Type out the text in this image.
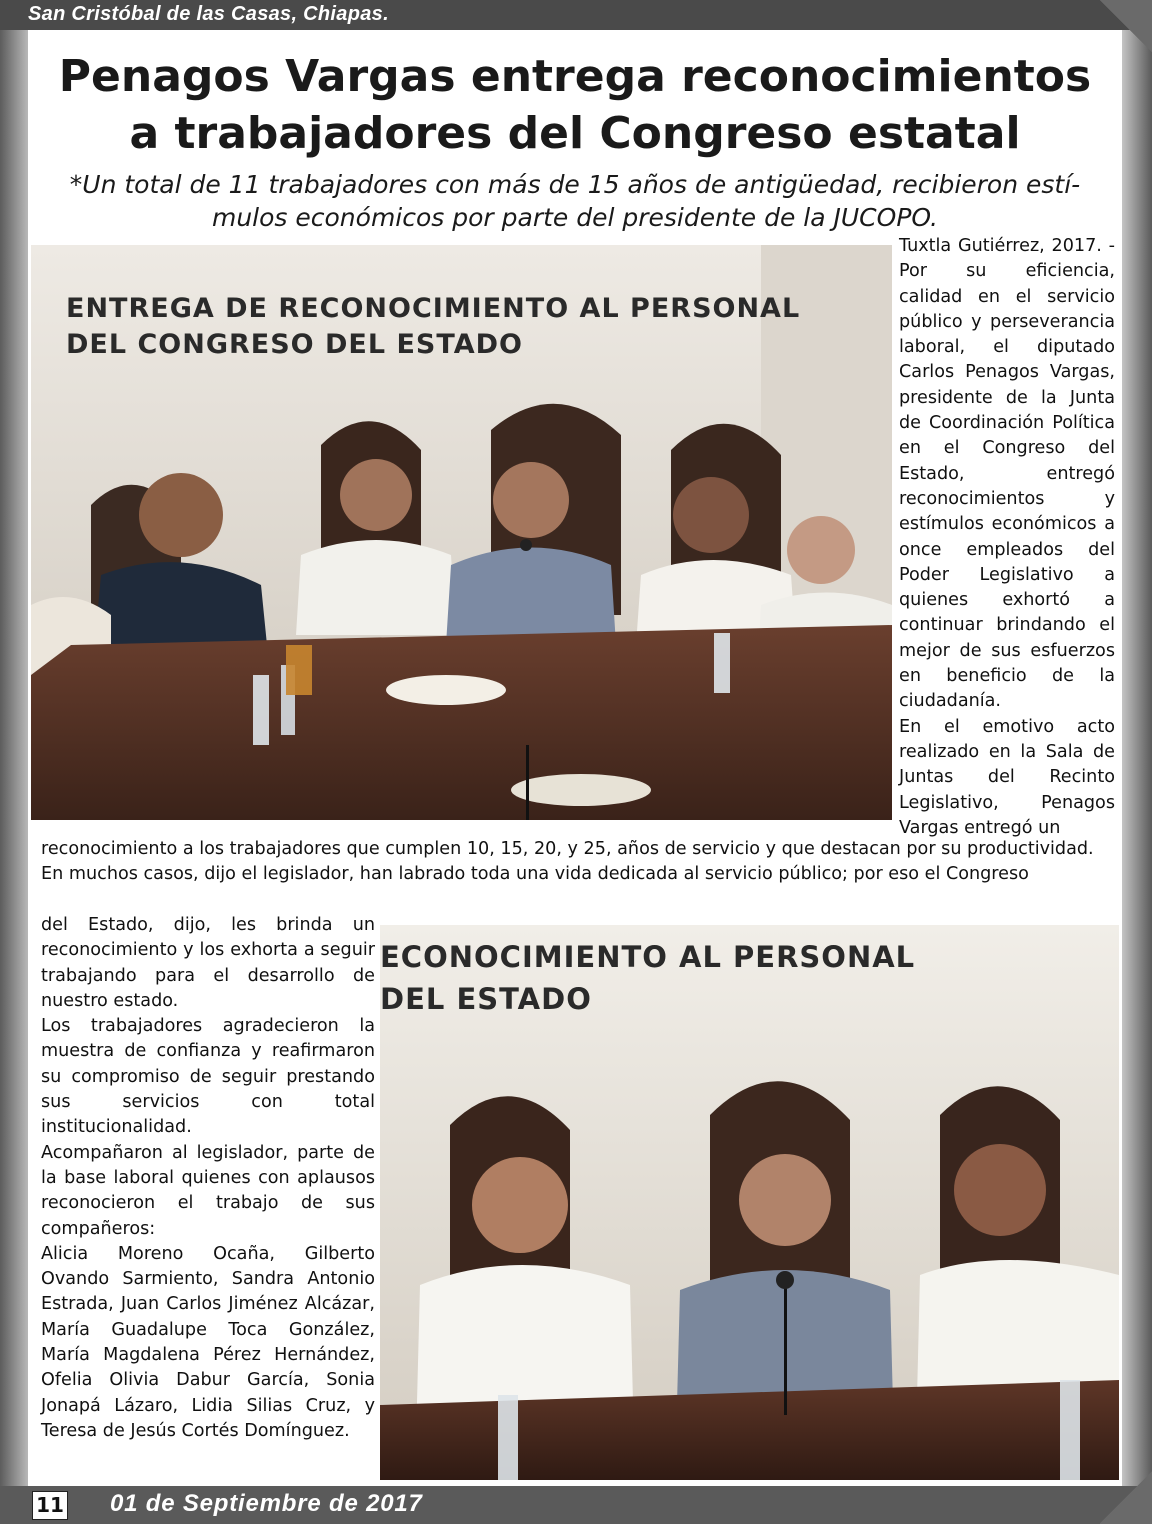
San Cristóbal de las Casas, Chiapas.
Penagos Vargas entrega reconocimientos
a trabajadores del Congreso estatal
*Un total de 11 trabajadores con más de 15 años de antigüedad, recibieron estí-
mulos económicos por parte del presidente de la JUCOPO.
ENTREGA DE RECONOCIMIENTO AL PERSONAL
DEL CONGRESO DEL ESTADO

Tuxtla Gutiérrez, 2017. - Por su eficiencia, calidad en el servicio público y perseverancia laboral, el diputado Carlos Penagos Vargas, presidente de la Junta de Coordinación Política en el Congreso del Estado, entregó reconocimientos y estímulos económicos a once empleados del Poder Legislativo a quienes exhortó a continuar brindando el mejor de sus esfuerzos en beneficio de la ciudadanía.

En el emotivo acto realizado en la Sala de Juntas del Recinto Legislativo, Penagos Vargas entregó un

reconocimiento a los trabajadores que cumplen 10, 15, 20, y 25, años de servicio y que destacan por su productividad.

En muchos casos, dijo el legislador, han labrado toda una vida dedicada al servicio público; por eso el Congreso

del Estado, dijo, les brinda un reconocimiento y los exhorta a seguir trabajando para el desarrollo de nuestro estado.

Los trabajadores agradecieron la muestra de confianza y reafirmaron su compromiso de seguir prestando sus servicios con total institucionalidad.

Acompañaron al legislador, parte de la base laboral quienes con aplausos reconocieron el trabajo de sus compañeros:

Alicia Moreno Ocaña, Gilberto Ovando Sarmiento, Sandra Antonio Estrada, Juan Carlos Jiménez Alcázar, María Guadalupe Toca González, María Magdalena Pérez Hernández, Ofelia Olivia Dabur García, Sonia Jonapá Lázaro, Lidia Silias Cruz, y Teresa de Jesús Cortés Domínguez.

ECONOCIMIENTO AL PERSONAL
DEL ESTADO
11 01 de Septiembre de 2017
